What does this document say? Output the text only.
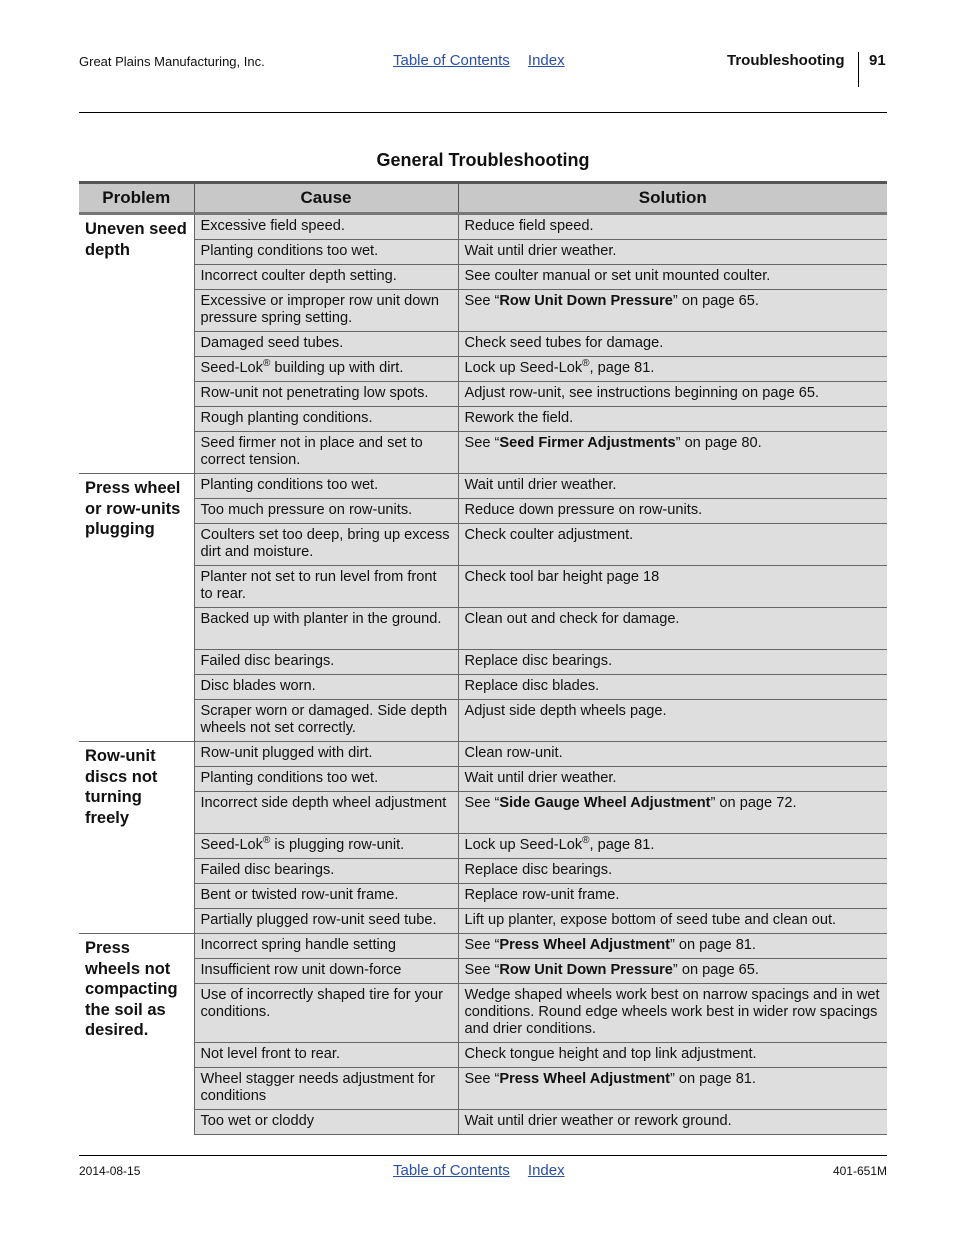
Great Plains Manufacturing, Inc.	Table of Contents Index	Troubleshooting 91
General Troubleshooting
Problem	Cause	Solution
Uneven seed depth	Excessive field speed.	Reduce field speed.
	Planting conditions too wet.	Wait until drier weather.
	Incorrect coulter depth setting.	See coulter manual or set unit mounted coulter.
	Excessive or improper row unit down pressure spring setting.	See “Row Unit Down Pressure” on page 65.
	Damaged seed tubes.	Check seed tubes for damage.
	Seed-Lok® building up with dirt.	Lock up Seed-Lok®, page 81.
	Row-unit not penetrating low spots.	Adjust row-unit, see instructions beginning on page 65.
	Rough planting conditions.	Rework the field.
	Seed firmer not in place and set to correct tension.	See “Seed Firmer Adjustments” on page 80.
Press wheel or row-units plugging	Planting conditions too wet.	Wait until drier weather.
	Too much pressure on row-units.	Reduce down pressure on row-units.
	Coulters set too deep, bring up excess dirt and moisture.	Check coulter adjustment.
	Planter not set to run level from front to rear.	Check tool bar height page 18
	Backed up with planter in the ground.	Clean out and check for damage.
	Failed disc bearings.	Replace disc bearings.
	Disc blades worn.	Replace disc blades.
	Scraper worn or damaged. Side depth wheels not set correctly.	Adjust side depth wheels page.
Row-unit discs not turning freely	Row-unit plugged with dirt.	Clean row-unit.
	Planting conditions too wet.	Wait until drier weather.
	Incorrect side depth wheel adjustment	See “Side Gauge Wheel Adjustment” on page 72.
	Seed-Lok® is plugging row-unit.	Lock up Seed-Lok®, page 81.
	Failed disc bearings.	Replace disc bearings.
	Bent or twisted row-unit frame.	Replace row-unit frame.
	Partially plugged row-unit seed tube.	Lift up planter, expose bottom of seed tube and clean out.
Press wheels not compacting the soil as desired.	Incorrect spring handle setting	See “Press Wheel Adjustment” on page 81.
	Insufficient row unit down-force	See “Row Unit Down Pressure” on page 65.
	Use of incorrectly shaped tire for your conditions.	Wedge shaped wheels work best on narrow spacings and in wet conditions. Round edge wheels work best in wider row spacings and drier conditions.
	Not level front to rear.	Check tongue height and top link adjustment.
	Wheel stagger needs adjustment for conditions	See “Press Wheel Adjustment” on page 81.
	Too wet or cloddy	Wait until drier weather or rework ground.
2014-08-15	Table of Contents Index	401-651M
